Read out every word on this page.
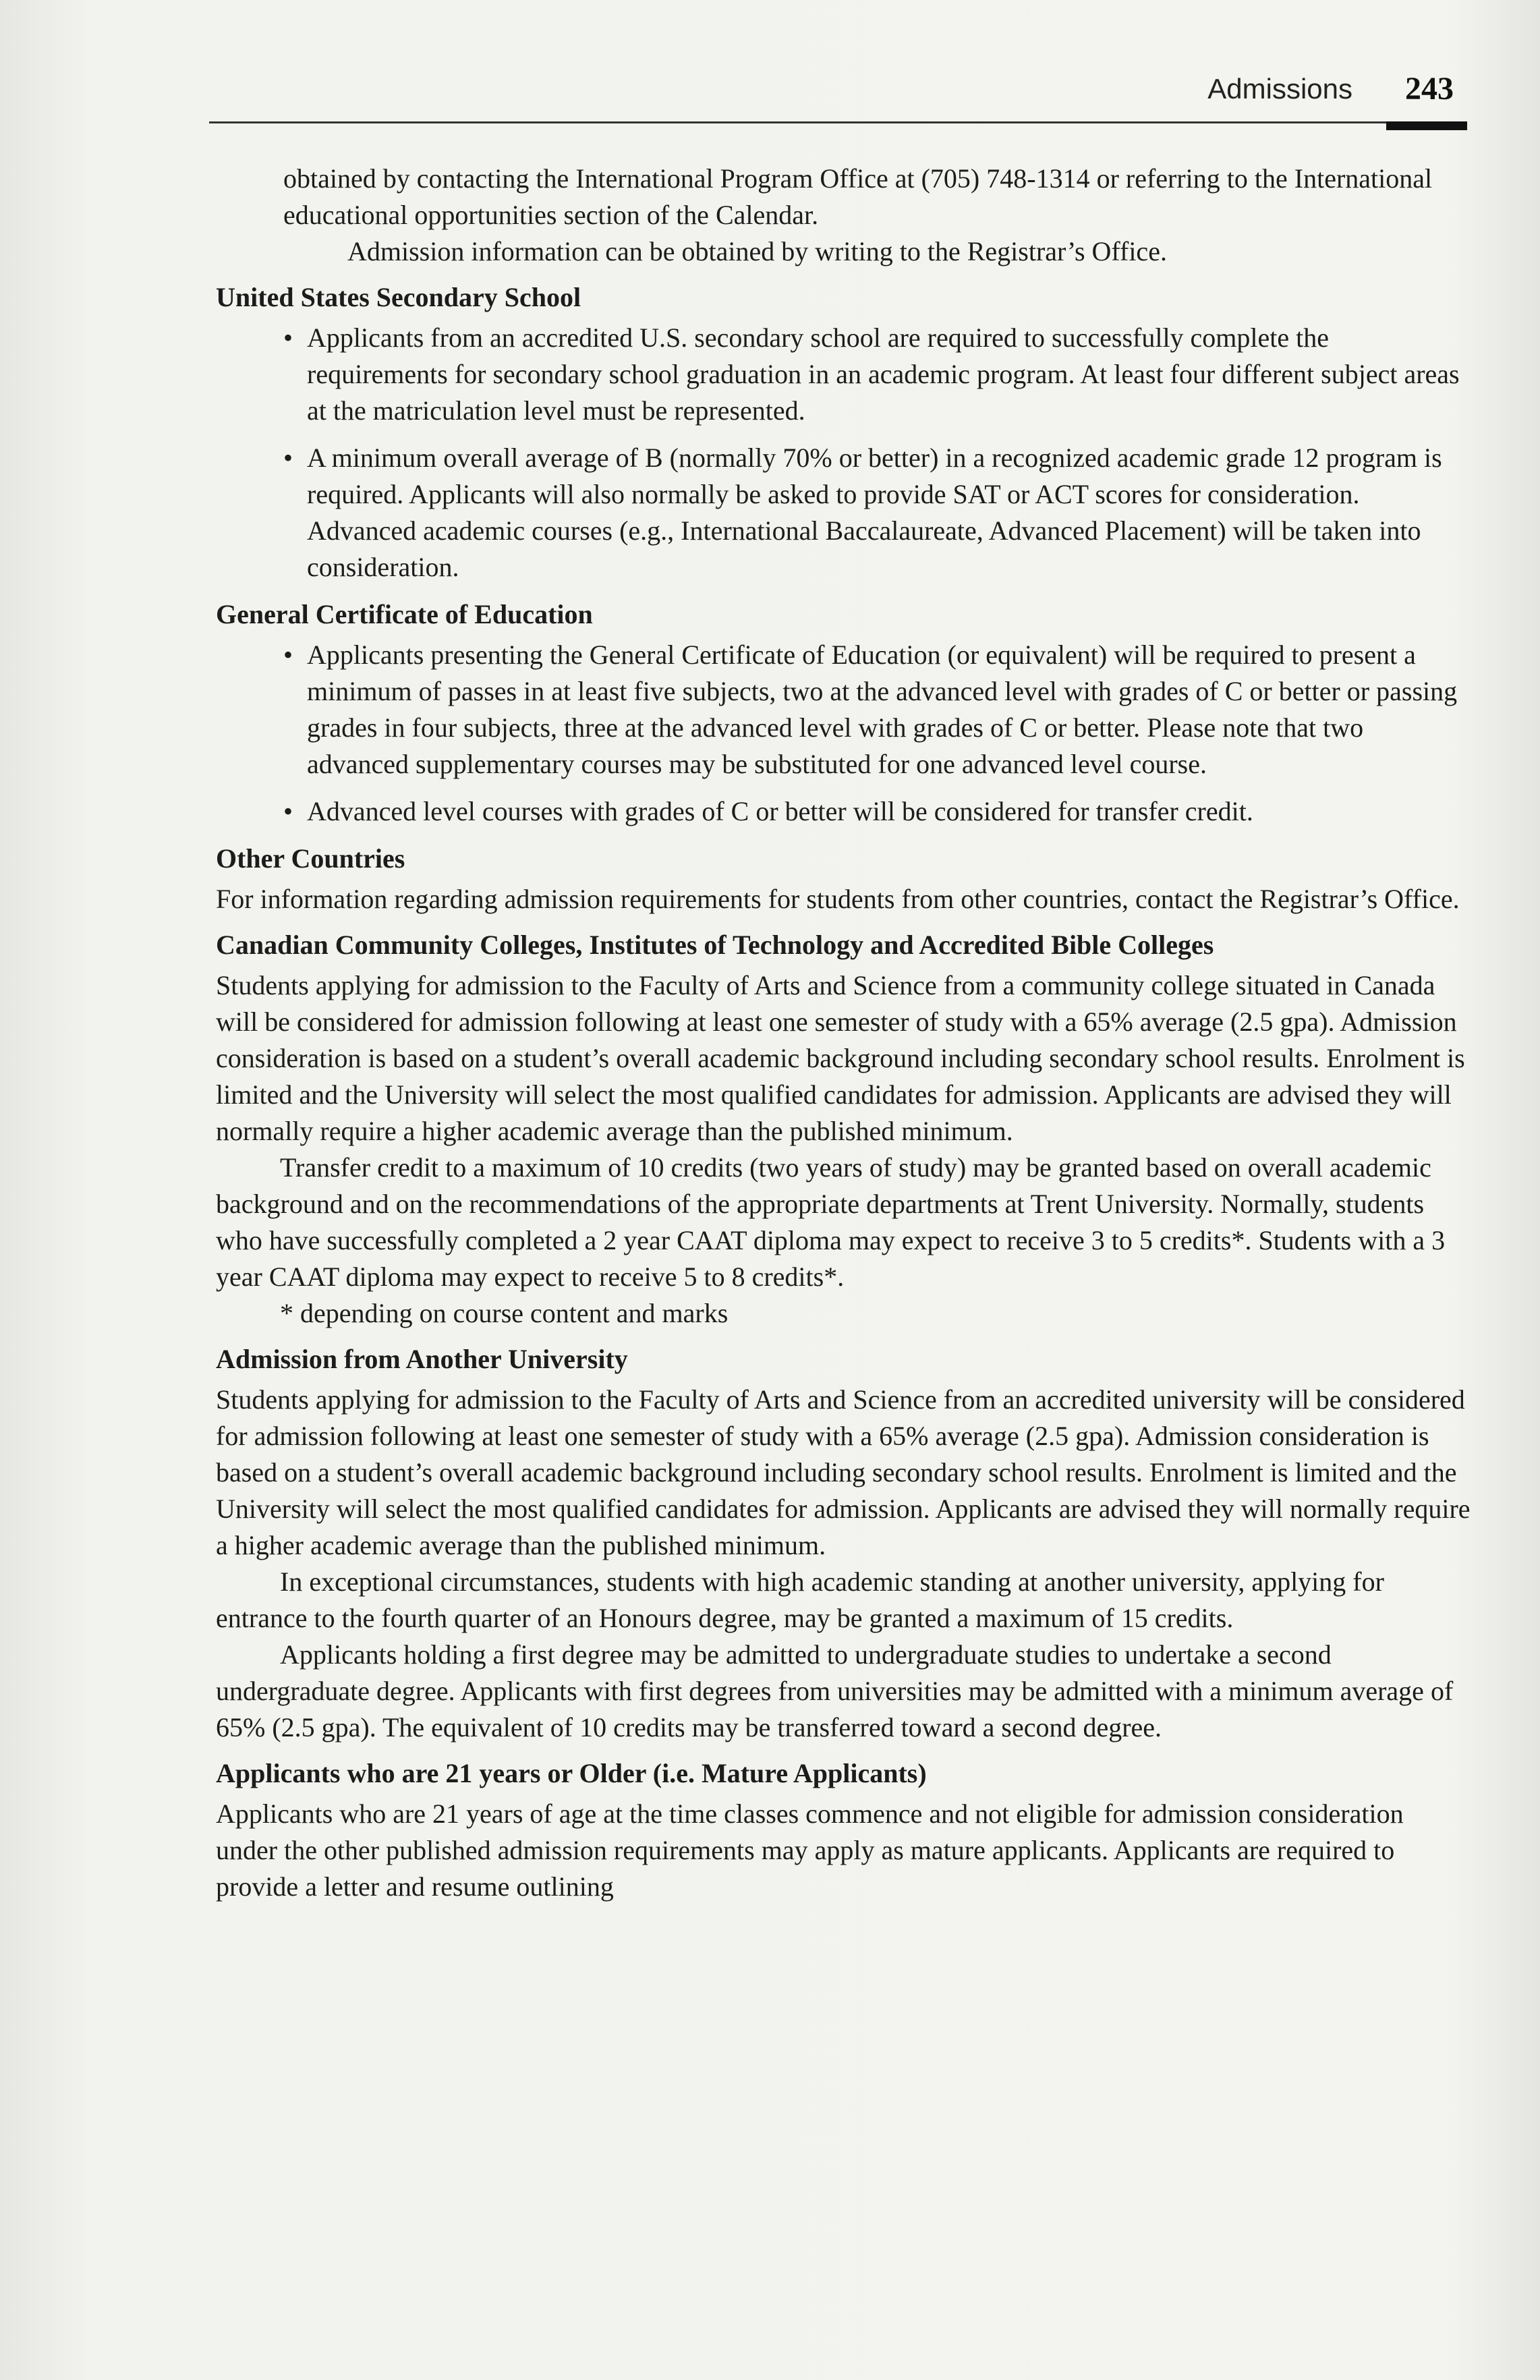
Admissions 243

obtained by contacting the International Program Office at (705) 748-1314 or referring to the International educational opportunities section of the Calendar.

Admission information can be obtained by writing to the Registrar’s Office.

United States Secondary School
• Applicants from an accredited U.S. secondary school are required to successfully complete the requirements for secondary school graduation in an academic program. At least four different subject areas at the matriculation level must be represented.
• A minimum overall average of B (normally 70% or better) in a recognized academic grade 12 program is required. Applicants will also normally be asked to provide SAT or ACT scores for consideration. Advanced academic courses (e.g., International Baccalaureate, Advanced Placement) will be taken into consideration.
General Certificate of Education
• Applicants presenting the General Certificate of Education (or equivalent) will be required to present a minimum of passes in at least five subjects, two at the advanced level with grades of C or better or passing grades in four subjects, three at the advanced level with grades of C or better. Please note that two advanced supplementary courses may be substituted for one advanced level course.
• Advanced level courses with grades of C or better will be considered for transfer credit.
Other Countries

For information regarding admission requirements for students from other countries, contact the Registrar’s Office.

Canadian Community Colleges, Institutes of Technology and Accredited Bible Colleges

Students applying for admission to the Faculty of Arts and Science from a community college situated in Canada will be considered for admission following at least one semester of study with a 65% average (2.5 gpa). Admission consideration is based on a student’s overall academic background including secondary school results. Enrolment is limited and the University will select the most qualified candidates for admission. Applicants are advised they will normally require a higher academic average than the published minimum.

Transfer credit to a maximum of 10 credits (two years of study) may be granted based on overall academic background and on the recommendations of the appropriate departments at Trent University. Normally, students who have successfully completed a 2 year CAAT diploma may expect to receive 3 to 5 credits*. Students with a 3 year CAAT diploma may expect to receive 5 to 8 credits*.

* depending on course content and marks

Admission from Another University

Students applying for admission to the Faculty of Arts and Science from an accredited university will be considered for admission following at least one semester of study with a 65% average (2.5 gpa). Admission consideration is based on a student’s overall academic background including secondary school results. Enrolment is limited and the University will select the most qualified candidates for admission. Applicants are advised they will normally require a higher academic average than the published minimum.

In exceptional circumstances, students with high academic standing at another university, applying for entrance to the fourth quarter of an Honours degree, may be granted a maximum of 15 credits.

Applicants holding a first degree may be admitted to undergraduate studies to undertake a second undergraduate degree. Applicants with first degrees from universities may be admitted with a minimum average of 65% (2.5 gpa). The equivalent of 10 credits may be transferred toward a second degree.

Applicants who are 21 years or Older (i.e. Mature Applicants)

Applicants who are 21 years of age at the time classes commence and not eligible for admission consideration under the other published admission requirements may apply as mature applicants. Applicants are required to provide a letter and resume outlining
